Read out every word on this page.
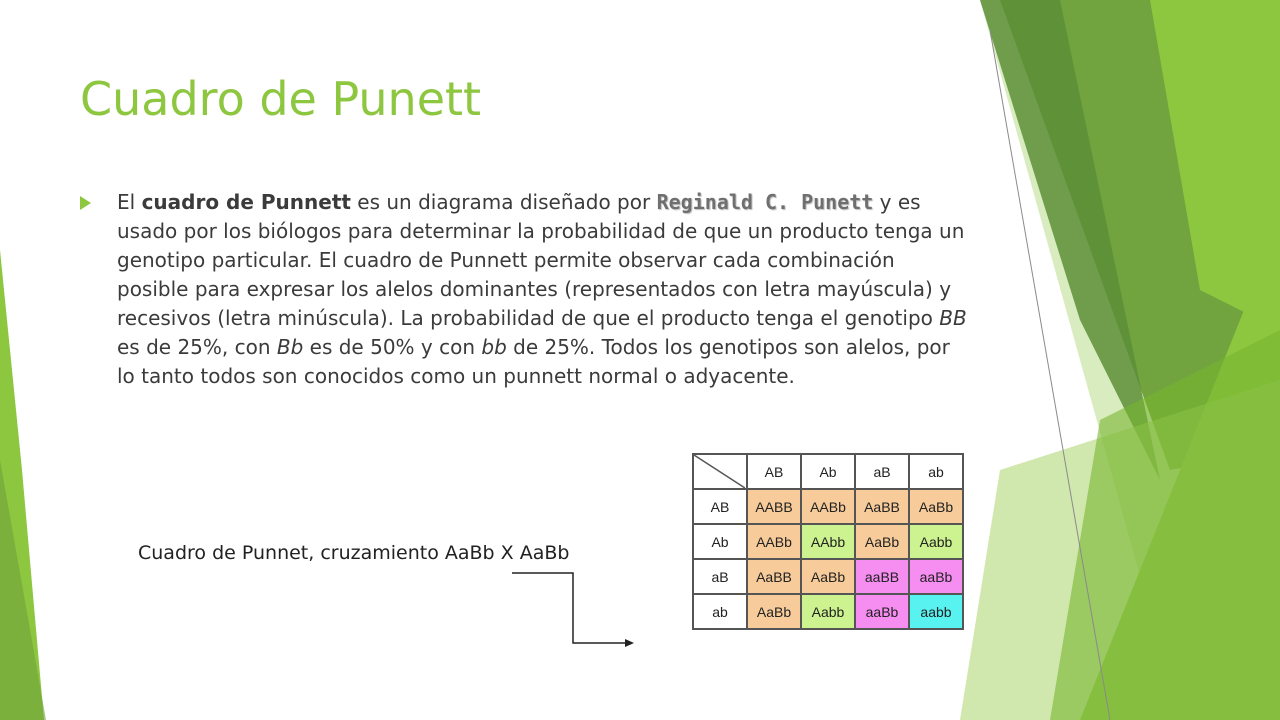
Cuadro de Punett
El cuadro de Punnett es un diagrama diseñado por Reginald C. Punett y es usado por los biólogos para determinar la probabilidad de que un producto tenga un genotipo particular. El cuadro de Punnett permite observar cada combinación posible para expresar los alelos dominantes (representados con letra mayúscula) y recesivos (letra minúscula). La probabilidad de que el producto tenga el genotipo BB es de 25%, con Bb es de 50% y con bb de 25%. Todos los genotipos son alelos, por lo tanto todos son conocidos como un punnett normal o adyacente.
Cuadro de Punnet, cruzamiento AaBb X AaBb
	AB	Ab	aB	ab
AB	AABB	AABb	AaBB	AaBb
Ab	AABb	AAbb	AaBb	Aabb
aB	AaBB	AaBb	aaBB	aaBb
ab	AaBb	Aabb	aaBb	aabb
